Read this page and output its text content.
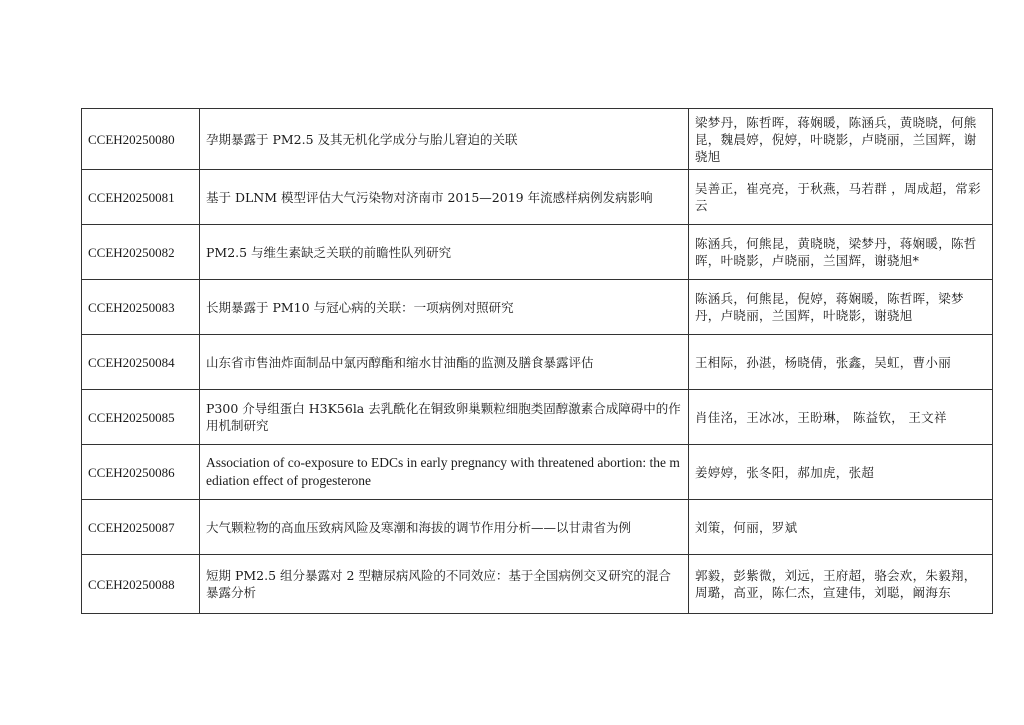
CCEH20250080	孕期暴露于 PM2.5 及其无机化学成分与胎儿窘迫的关联	梁梦丹，陈哲晖，蒋娴暖，陈涵兵，黄晓晓，何熊昆，魏晨婷，倪婷，叶晓影，卢晓丽，兰国辉，谢骁旭
CCEH20250081	基于 DLNM 模型评估大气污染物对济南市 2015—2019 年流感样病例发病影响	吴善正，崔亮亮，于秋燕，马若群 ，周成超，常彩云
CCEH20250082	PM2.5 与维生素缺乏关联的前瞻性队列研究	陈涵兵，何熊昆，黄晓晓，梁梦丹，蒋娴暖，陈哲晖，叶晓影，卢晓丽，兰国辉，谢骁旭*
CCEH20250083	长期暴露于 PM10 与冠心病的关联：一项病例对照研究	陈涵兵，何熊昆，倪婷，蒋娴暖，陈哲晖，梁梦丹，卢晓丽，兰国辉，叶晓影，谢骁旭
CCEH20250084	山东省市售油炸面制品中氯丙醇酯和缩水甘油酯的监测及膳食暴露评估	王相际，孙湛，杨晓倩，张鑫，吴虹，曹小丽
CCEH20250085	P300 介导组蛋白 H3K56la 去乳酰化在铜致卵巢颗粒细胞类固醇激素合成障碍中的作用机制研究	肖佳洺，王冰冰，王盼琳， 陈益钦， 王文祥
CCEH20250086	Association of co-exposure to EDCs in early pregnancy with threatened abortion: the mediation effect of progesterone	姜婷婷，张冬阳，郝加虎，张超
CCEH20250087	大气颗粒物的高血压致病风险及寒潮和海拔的调节作用分析——以甘肃省为例	刘策，何丽，罗斌
CCEH20250088	短期 PM2.5 组分暴露对 2 型糖尿病风险的不同效应：基于全国病例交叉研究的混合暴露分析	郭毅，彭紫微，刘远，王府超，骆会欢，朱毅翔，周璐，高亚，陈仁杰，宣建伟，刘聪，阚海东
